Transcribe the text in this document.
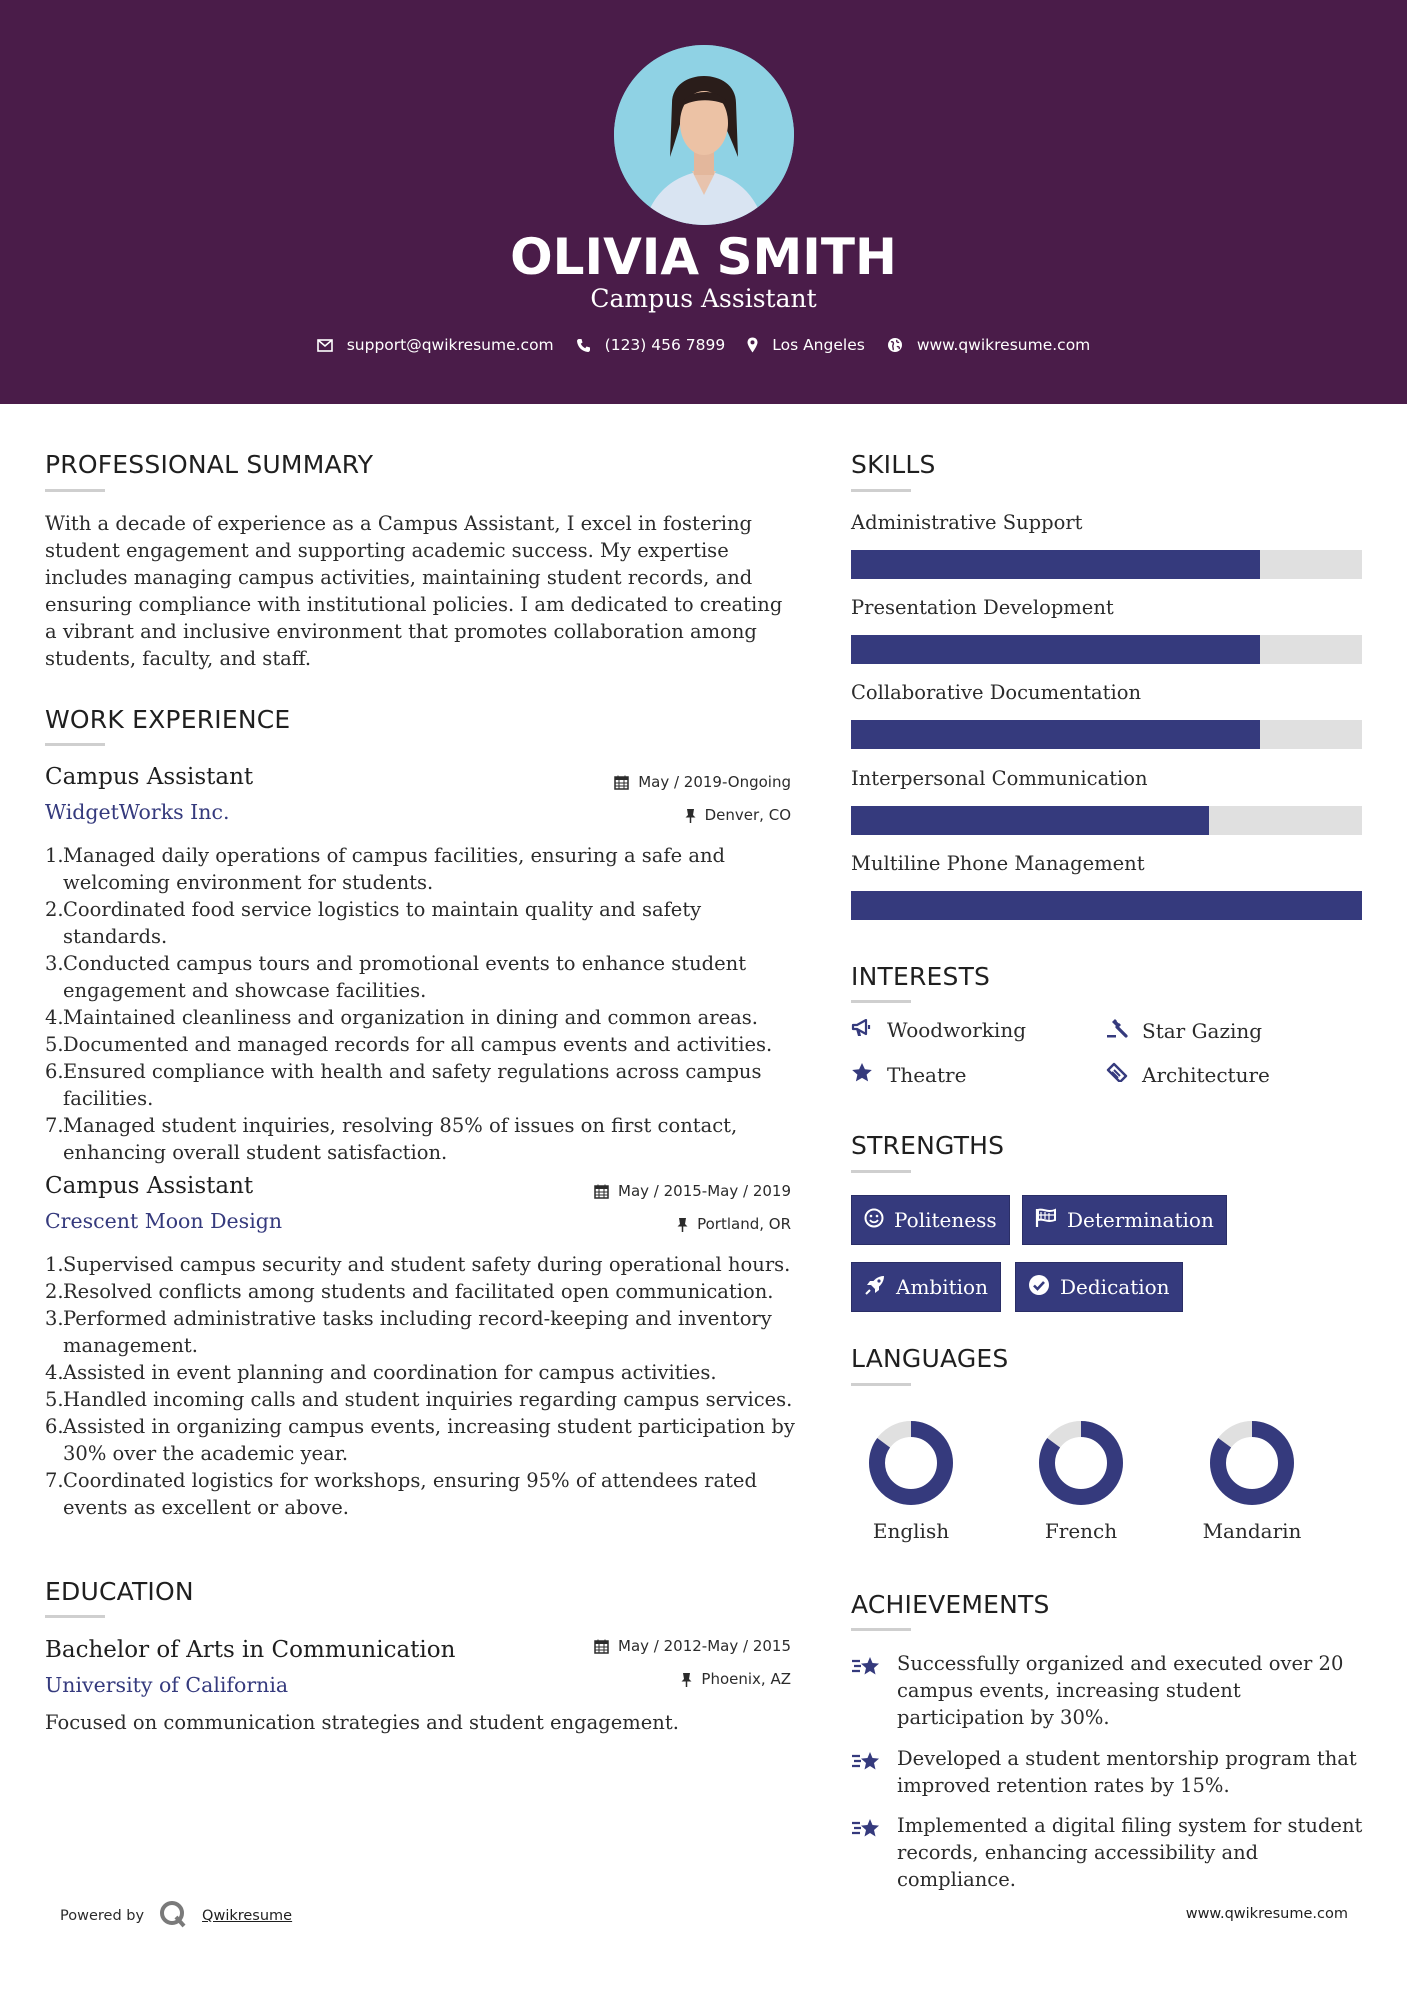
OLIVIA SMITH
Campus Assistant
support@qwikresume.com	(123) 456 7899	Los Angeles	www.qwikresume.com
PROFESSIONAL SUMMARY
With a decade of experience as a Campus Assistant, I excel in fostering student engagement and supporting academic success. My expertise includes managing campus activities, maintaining student records, and ensuring compliance with institutional policies. I am dedicated to creating a vibrant and inclusive environment that promotes collaboration among students, faculty, and staff.
WORK EXPERIENCE
Campus Assistant
WidgetWorks Inc.
May / 2019-Ongoing
Denver, CO
1. Managed daily operations of campus facilities, ensuring a safe and welcoming environment for students.
2. Coordinated food service logistics to maintain quality and safety standards.
3. Conducted campus tours and promotional events to enhance student engagement and showcase facilities.
4. Maintained cleanliness and organization in dining and common areas.
5. Documented and managed records for all campus events and activities.
6. Ensured compliance with health and safety regulations across campus facilities.
7. Managed student inquiries, resolving 85% of issues on first contact, enhancing overall student satisfaction.
Campus Assistant
Crescent Moon Design
May / 2015-May / 2019
Portland, OR
1. Supervised campus security and student safety during operational hours.
2. Resolved conflicts among students and facilitated open communication.
3. Performed administrative tasks including record-keeping and inventory management.
4. Assisted in event planning and coordination for campus activities.
5. Handled incoming calls and student inquiries regarding campus services.
6. Assisted in organizing campus events, increasing student participation by 30% over the academic year.
7. Coordinated logistics for workshops, ensuring 95% of attendees rated events as excellent or above.
EDUCATION
Bachelor of Arts in Communication
University of California
May / 2012-May / 2015
Phoenix, AZ
Focused on communication strategies and student engagement.
SKILLS
Administrative Support
Presentation Development
Collaborative Documentation
Interpersonal Communication
Multiline Phone Management
INTERESTS
Woodworking	Star Gazing
Theatre	Architecture
STRENGTHS
Politeness	Determination
Ambition	Dedication
LANGUAGES
English	French	Mandarin
ACHIEVEMENTS
Successfully organized and executed over 20 campus events, increasing student participation by 30%.
Developed a student mentorship program that improved retention rates by 15%.
Implemented a digital filing system for student records, enhancing accessibility and compliance.
Powered by	Qwikresume	www.qwikresume.com
